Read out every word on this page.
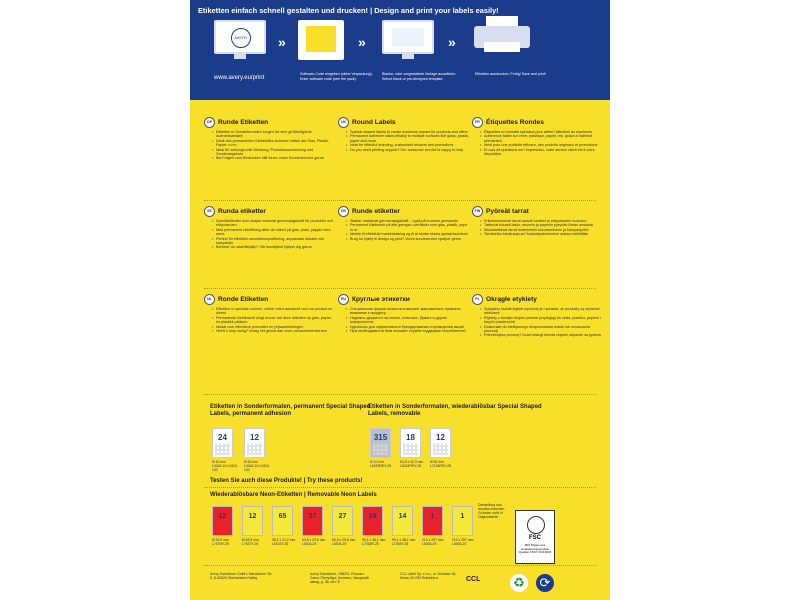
Etiketten einfach schnell gestalten und drucken! | Design and print your labels easily!
AVERY »	»	»
www.avery.eu/print
Software-Code eingeben (siehe Verpackung). Enter software code (see the pack).
Blanko- oder vorgestaltete Vorlage auswählen. Select blank or pre-designed template.
Etiketten ausdrucken. Fertig! Save and print!
DE Runde Etiketten
• Etiketten in Sonderformaten sorgen für eine größtmögliche Aufmerksamkeit
• Dank des permanenten Klebstoffes sicheres Haften auf Glas, Plastik, Papier u.v.m.
• Ideal für wirkungsvolle Werbung, Produktauszeichnung und Sonderangebote
• Bei Fragen zum Bedrucken hilft Ihnen unser Kundenservice gerne
UK Round Labels
• Special shaped labels to create maximum impact for products and offers
• Permanent adhesive sticks reliably to multiple surfaces like glass, plastic, paper and more
• Ideal for effectful branding, customised stickers and promotions
• Do you need printing support? Our consumer service is happy to help
FR Étiquettes Rondes
• Étiquettes en formats spéciaux pour attirer l'attention au maximum
• Adhérence fiable sur verre, plastique, papier, etc. grâce à l'adhésif permanent
• Idéal pour une publicité efficace, des produits originaux et promotions
• En cas de questions sur l'impression, notre service client est à votre disposition
SE Runda etiketter
• Specialetiketter som skapar maximal genomslagskraft för produkter och erbjudanden
• Med permanent vidhäftning sitter de säkert på glas, plast, papper med mera
• Perfekt för effektfull varumärkesprofilering, anpassade dekaler och kampanjer
• Behöver du utskriftshjälp? Vår kundtjänst hjälper dig gärna
DK Runde etiketter
• Skaber maksimal gennemslagskraft – også på krumme genstande
• Permanent klæbende på alle gængse overflader som glas, plastik, papir m.m.
• Ideelle til effektfuld markedsføring og til at skabe ekstra opmærksomhed
• Brug for hjælp til design og print? Vores kundeservice hjælper gerne
FIN Pyöreät tarrat
• Erikoismuotoiset tarrat saavat tuotteet ja erbjudanden huomion
• Tarttuvat tiukasti lasiin, muoviin ja paperiin pysyvän liiman ansiosta
• Mukautettavat tarrat tuotemerkin korostamiseen ja kampanjoihin
• Tarvitsetko tulostusapua? Asiakaspalvelumme auttaa mielellään
NL Ronde Etiketten
• Etiketten in speciale vormen, creëer extra aandacht voor uw product en dienst
• Permanente kleefkracht zorgt ervoor dat deze etiketten op glas, papier en plastiek plakken
• Ideaal voor effectieve promoties en prijsaanbiedingen
• Heeft u hulp nodig? Vraag het gerust aan onze consumentenservice
RU Круглые этикетки
• Специальная форма этикеток позволяет максимально привлечь внимание к продукту
• Надежно держатся на стекле, пластике, бумаге и других поверхностях
• Идеальны для эффективного брендирования и проведения акций
• При необходимости Вам поможет служба поддержки потребителей
PL Okrągłe etykiety
• Specjalny kształt etykiet wyróżnia je i sprawia, że produkty są wyraźnie widoczne
• Etykiety z trwałym klejem pewnie przylegają do szkła, plastiku, papieru i innych powierzchni
• Doskonałe do efektywnego eksponowania marek lub oznaczania promocji
• Potrzebujesz pomocy? Dział obsługi klienta chętnie odpowie na pytania
Etiketten in Sonderformaten, permanent Special Shaped Labels, permanent adhesion
Etiketten in Sonderformaten, wiederablösbar Special Shaped Labels, removable
24
Ø 40 mm
L3415-10 L3415-100
12
Ø 60 mm
L3416-10 L3416-100
315
Ø 10 mm
L6019REV-25
18
63,5 x 42,3 mm
L6024REV-25
12
Ø 60 mm
L7104REV-25
Testen Sie auch diese Produkte! | Try these products!
Wiederablösbare Neon-Etiketten | Removable Neon Labels
12
Ø 63,5 mm
L7670R-25
12
Ø 63,5 mm
L7670Y-25
65
38,1 x 21,2 mm
L6151Y-25
27
63,5 x 29,6 mm
L6003-25
27
63,5 x 29,6 mm
L6004-25
14
99,1 x 38,1 mm
L7263R-25
14
99,1 x 38,1 mm
L7263Y-25
1
210 x 297 mm
L6005-25
1
210 x 297 mm
L6006-25
Darstellung aus drucktechnischen Gründen nicht in Originalfarbe!
FSC
MIX Papier aus verantwortungsvollen Quellen FSC® C013616
Avery Zweckform GmbH, Miesbacher Str. 5, D-83626 Oberlaindern/Valley
Avery Zweckform, 198031, Россия г. Санкт-Петербург, Колпино, Ижорский завод, д. 38, лит. Ф
CCL Label Sp. z o.o., ul. Wrocław 18, Nowa, 62-090 Rokietnica	CCL	♻ ⟳
